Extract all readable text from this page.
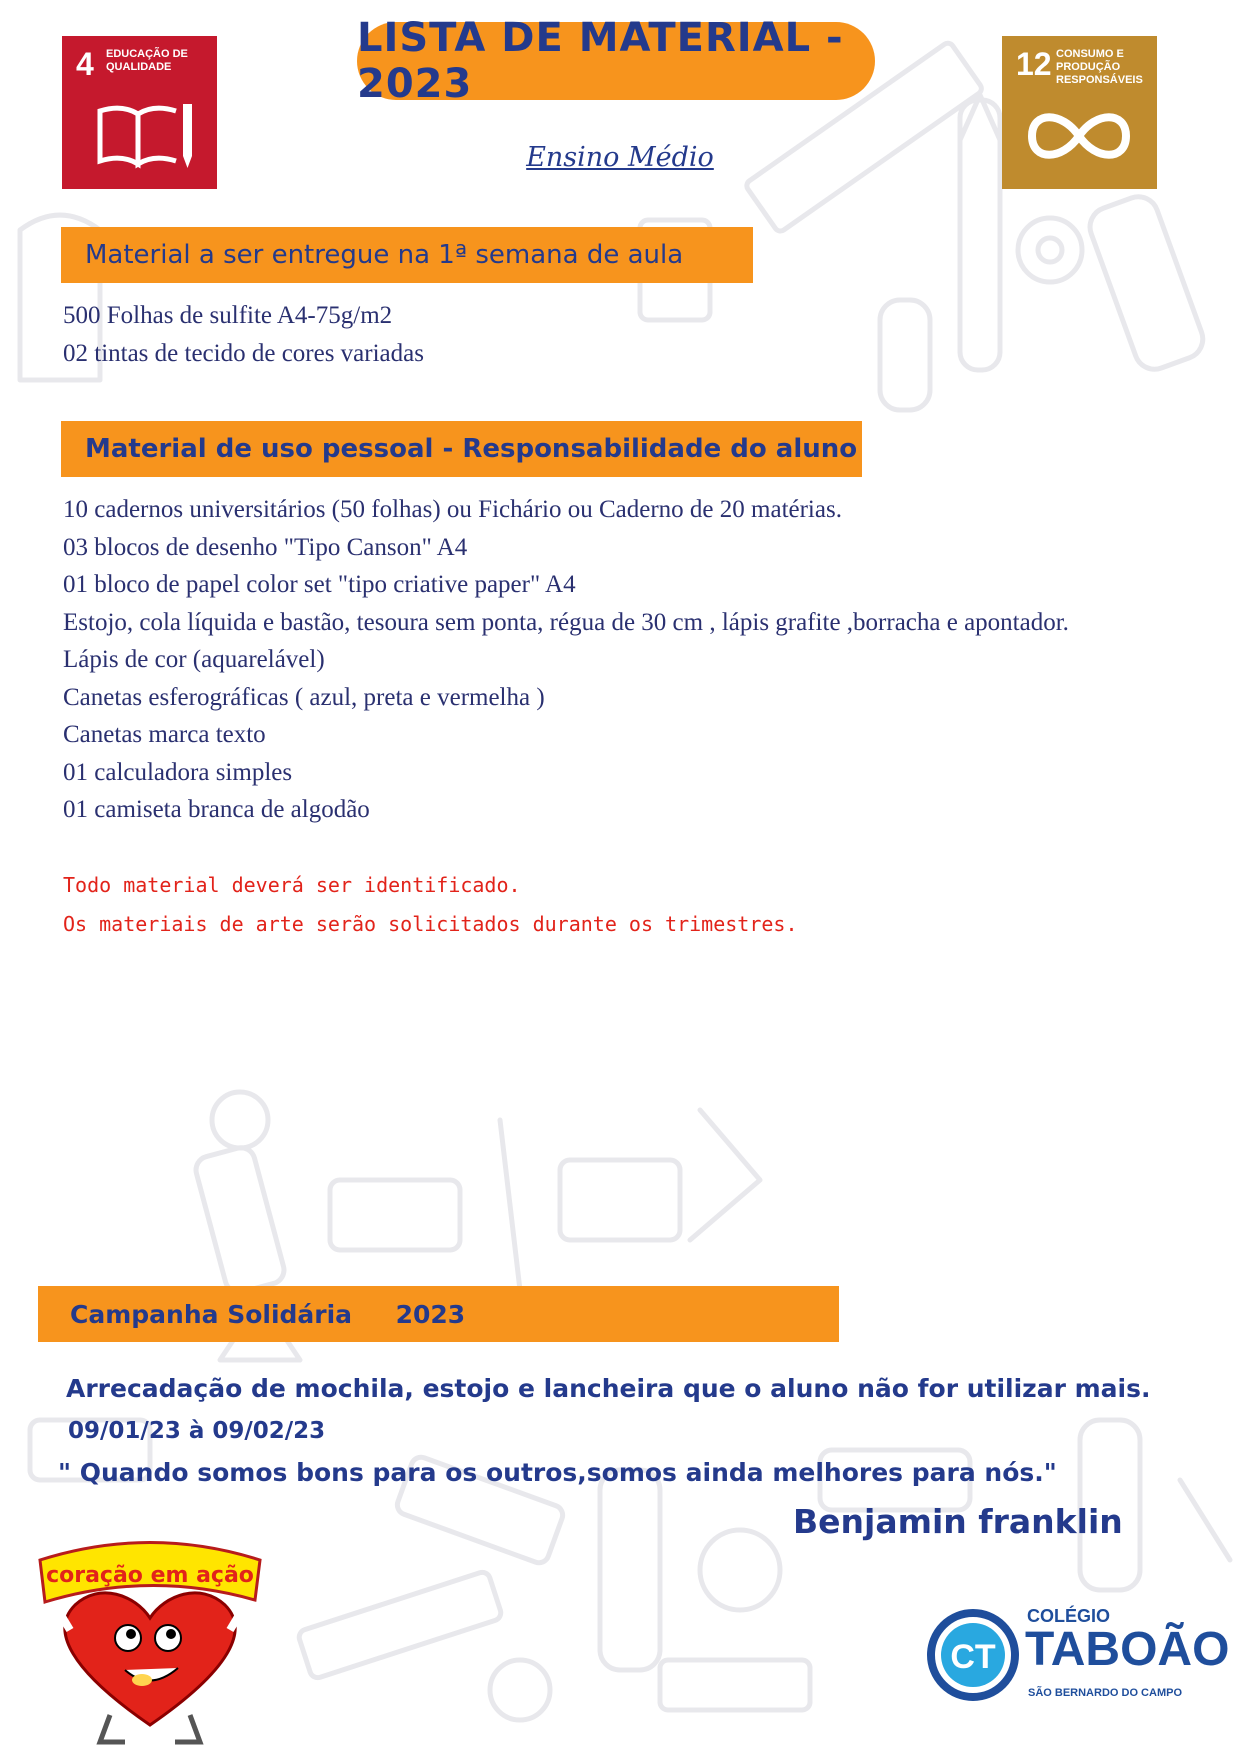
4 EDUCAÇÃO DE QUALIDADE
LISTA DE MATERIAL - 2023
Ensino Médio
12 CONSUMO E PRODUÇÃO RESPONSÁVEIS
Material a ser entregue na 1ª semana de aula
500 Folhas de sulfite A4-75g/m2
02 tintas de tecido de cores variadas
Material de uso pessoal - Responsabilidade do aluno
10 cadernos universitários (50 folhas) ou Fichário ou Caderno de 20 matérias.
03 blocos de desenho "Tipo Canson" A4
01 bloco de papel color set "tipo criative paper" A4
Estojo, cola líquida e bastão, tesoura sem ponta, régua de 30 cm , lápis grafite ,borracha e apontador.
Lápis de cor (aquarelável)
Canetas esferográficas ( azul, preta e vermelha )
Canetas marca texto
01 calculadora simples
01 camiseta branca de algodão
Todo material deverá ser identificado.
Os materiais de arte serão solicitados durante os trimestres.
Campanha Solidária     2023
Arrecadação de mochila, estojo e lancheira que o aluno não for utilizar mais.
09/01/23 à 09/02/23
" Quando somos bons para os outros,somos ainda melhores para nós."
Benjamin franklin
coração em ação
CT
COLÉGIO
TABOÃO
SÃO BERNARDO DO CAMPO
